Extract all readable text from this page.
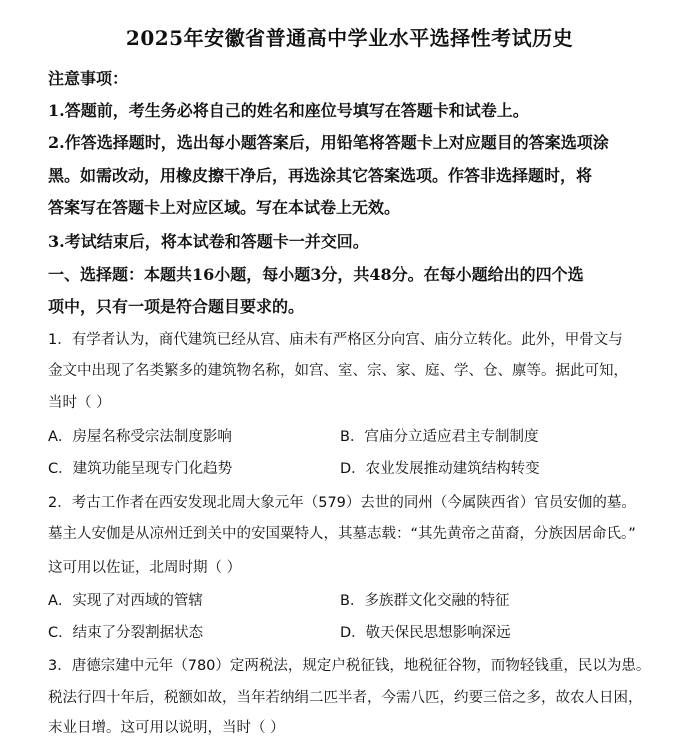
2025年安徽省普通高中学业水平选择性考试历史
注意事项：
1.答题前，考生务必将自己的姓名和座位号填写在答题卡和试卷上。
2.作答选择题时，选出每小题答案后，用铅笔将答题卡上对应题目的答案选项涂
黑。如需改动，用橡皮擦干净后，再选涂其它答案选项。作答非选择题时，将
答案写在答题卡上对应区域。写在本试卷上无效。
3.考试结束后，将本试卷和答题卡一并交回。
一、选择题：本题共16小题，每小题3分，共48分。在每小题给出的四个选
项中，只有一项是符合题目要求的。
1．有学者认为，商代建筑已经从宫、庙未有严格区分向宫、庙分立转化。此外，甲骨文与
金文中出现了名类繁多的建筑物名称，如宫、室、宗、家、庭、学、仓、廪等。据此可知，
当时（ ）
A．房屋名称受宗法制度影响	B．宫庙分立适应君主专制制度
C．建筑功能呈现专门化趋势	D．农业发展推动建筑结构转变
2．考古工作者在西安发现北周大象元年（579）去世的同州（今属陕西省）官员安伽的墓。
墓主人安伽是从凉州迁到关中的安国粟特人，其墓志载：“其先黄帝之苗裔，分族因居命氏。”
这可用以佐证，北周时期（ ）
A．实现了对西域的管辖	B．多族群文化交融的特征
C．结束了分裂割据状态	D．敬天保民思想影响深远
3．唐德宗建中元年（780）定两税法，规定户税征钱，地税征谷物，而物轻钱重，民以为患。
税法行四十年后，税额如故，当年若纳绢二匹半者，今需八匹，约要三倍之多，故农人日困，
末业日增。这可用以说明，当时（ ）
